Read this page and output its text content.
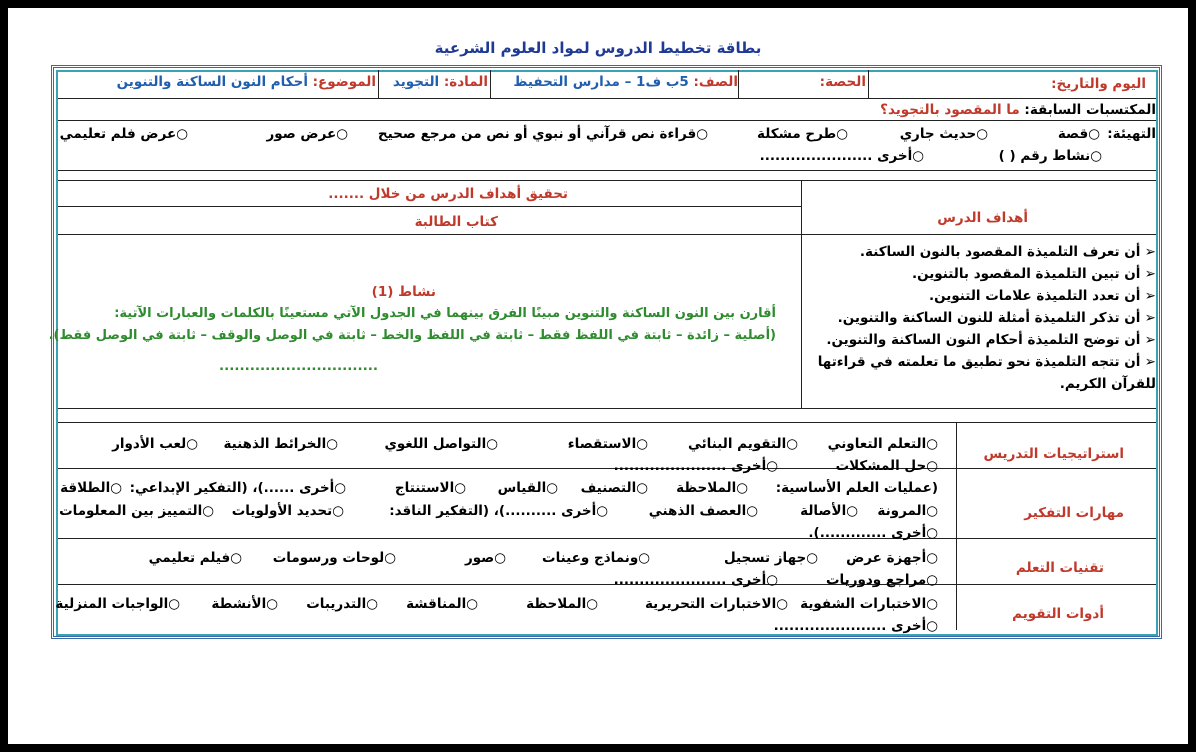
بطاقة تخطيط الدروس لمواد العلوم الشرعية
اليوم والتاريخ:
الحصة:
الصف: 5ب ف1 – مدارس التحفيظ
المادة: التجويد
الموضوع: أحكام النون الساكنة والتنوين
المكتسبات السابقة: ما المقصود بالتجويد؟
التهيئة:
○قصة
○حديث جاري
○طرح مشكلة
○قراءة نص قرآني أو نبوي أو نص من مرجع صحيح
○عرض صور
○عرض فلم تعليمي
○نشاط رقم ( )
○أخرى ......................
أهداف الدرس
تحقيق أهداف الدرس من خلال .......
كتاب الطالبة
➢ أن تعرف التلميذة المقصود بالنون الساكنة.
➢ أن تبين التلميذة المقصود بالتنوين.
➢ أن تعدد التلميذة علامات التنوين.
➢ أن تذكر التلميذة أمثلة للنون الساكنة والتنوين.
➢ أن توضح التلميذة أحكام النون الساكنة والتنوين.
➢ أن تتجه التلميذة نحو تطبيق ما تعلمته في قراءتها
للقرآن الكريم.
نشاط (1)
أقارن بين النون الساكنة والتنوين مبينًا الفرق بينهما في الجدول الآتي مستعينًا بالكلمات والعبارات الآتية:
(أصلية – زائدة – ثابتة في اللفظ فقط – ثابتة في اللفظ والخط – ثابتة في الوصل والوقف – ثابتة في الوصل فقط).
...............................
استراتيجيات التدريس
○التعلم التعاوني
○التقويم البنائي
○الاستقصاء
○التواصل اللغوي
○الخرائط الذهنية
○لعب الأدوار
○حل المشكلات
○أخرى ......................
مهارات التفكير
(عمليات العلم الأساسية:
○الملاحظة
○التصنيف
○القياس
○الاستنتاج
○أخرى ......)، (التفكير الإبداعي:
○الطلاقة
○المرونة
○الأصالة
○العصف الذهني
○أخرى ..........)، (التفكير الناقد:
○تحديد الأولويات
○التمييز بين المعلومات
○أخرى .............).
تقنيات التعلم
○أجهزة عرض
○جهاز تسجيل
○ونماذج وعينات
○صور
○لوحات ورسومات
○فيلم تعليمي
○مراجع ودوريات
○أخرى ......................
أدوات التقويم
○الاختبارات الشفوية
○الاختبارات التحريرية
○الملاحظة
○المناقشة
○التدريبات
○الأنشطة
○الواجبات المنزلية
○أخرى ......................
